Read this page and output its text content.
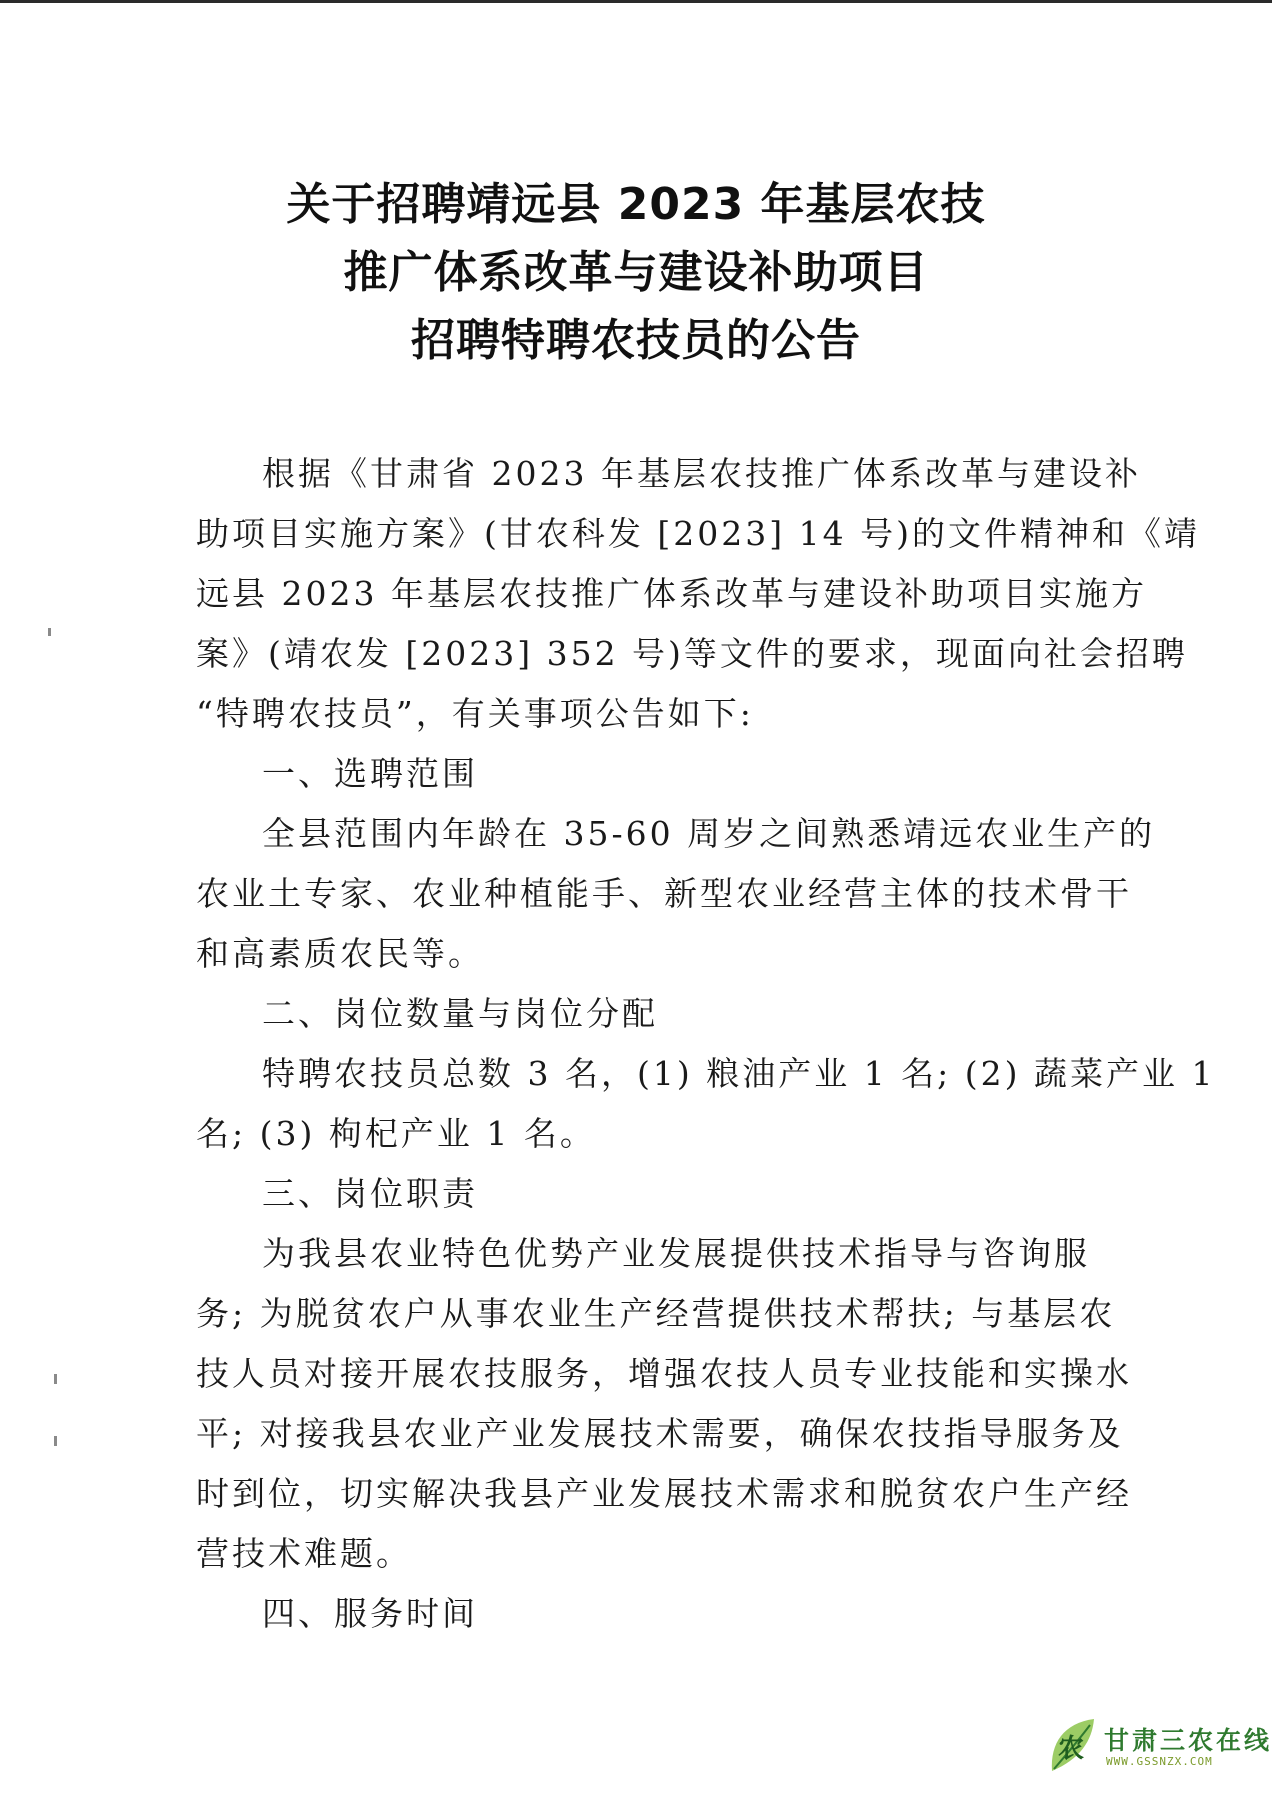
关于招聘靖远县 2023 年基层农技
推广体系改革与建设补助项目
招聘特聘农技员的公告
根据《甘肃省 2023 年基层农技推广体系改革与建设补
助项目实施方案》(甘农科发 [2023] 14 号)的文件精神和《靖
远县 2023 年基层农技推广体系改革与建设补助项目实施方
案》(靖农发 [2023] 352 号)等文件的要求，现面向社会招聘
“特聘农技员”，有关事项公告如下:
一、选聘范围
全县范围内年龄在 35-60 周岁之间熟悉靖远农业生产的
农业土专家、农业种植能手、新型农业经营主体的技术骨干
和高素质农民等。
二、岗位数量与岗位分配
特聘农技员总数 3 名，(1) 粮油产业 1 名; (2) 蔬菜产业 1
名; (3) 枸杞产业 1 名。
三、岗位职责
为我县农业特色优势产业发展提供技术指导与咨询服
务; 为脱贫农户从事农业生产经营提供技术帮扶; 与基层农
技人员对接开展农技服务，增强农技人员专业技能和实操水
平; 对接我县农业产业发展技术需要，确保农技指导服务及
时到位，切实解决我县产业发展技术需求和脱贫农户生产经
营技术难题。
四、服务时间
农 甘肃三农在线
WWW.GSSNZX.COM
